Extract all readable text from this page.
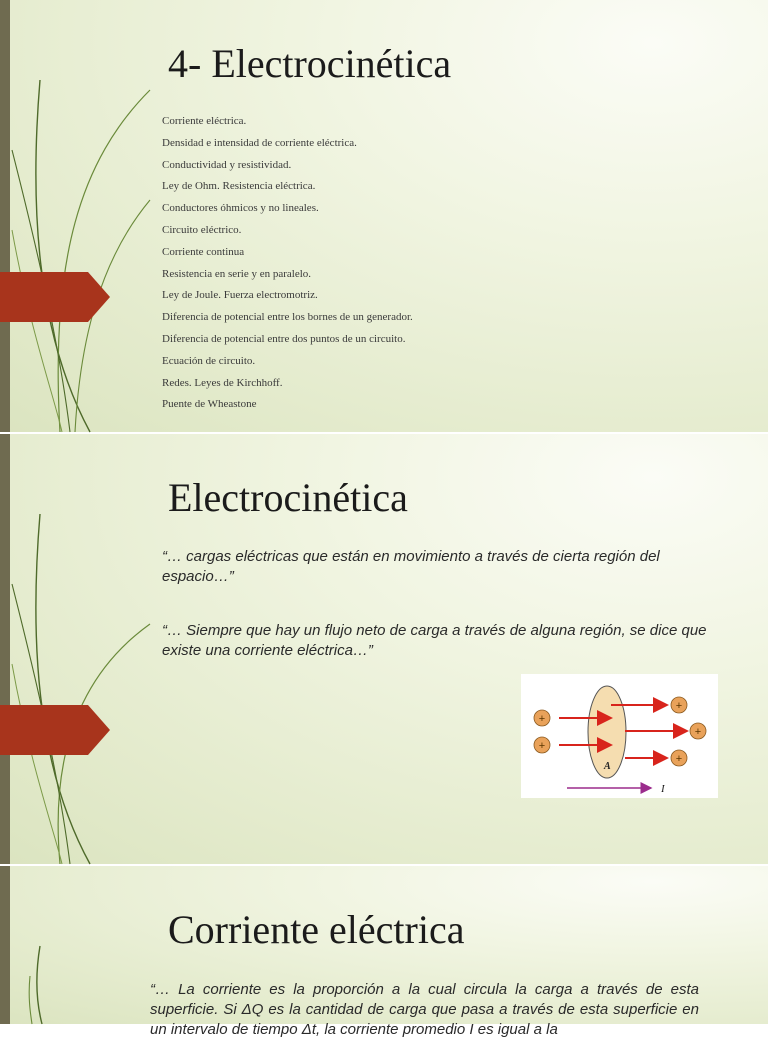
4- Electrocinética
Corriente eléctrica.
Densidad e intensidad de corriente eléctrica.
Conductividad y resistividad.
Ley de Ohm. Resistencia eléctrica.
Conductores óhmicos y no lineales.
Circuito eléctrico.
Corriente continua
Resistencia en serie y en paralelo.
Ley de Joule. Fuerza electromotriz.
Diferencia de potencial entre los bornes de un generador.
Diferencia de potencial entre dos puntos de un circuito.
Ecuación de circuito.
Redes. Leyes de Kirchhoff.
Puente de Wheastone
Electrocinética

“… cargas eléctricas que están en movimiento a través de cierta región del espacio…”

“… Siempre que hay un flujo neto de carga a través de alguna región, se dice que existe una corriente eléctrica…”

+
+
+
+
+
A
I
Corriente eléctrica

“… La corriente es la proporción a la cual circula la carga a través de esta superficie. Si ΔQ es la cantidad de carga que pasa a través de esta superficie en un intervalo de tiempo Δt, la corriente promedio I es igual a la
